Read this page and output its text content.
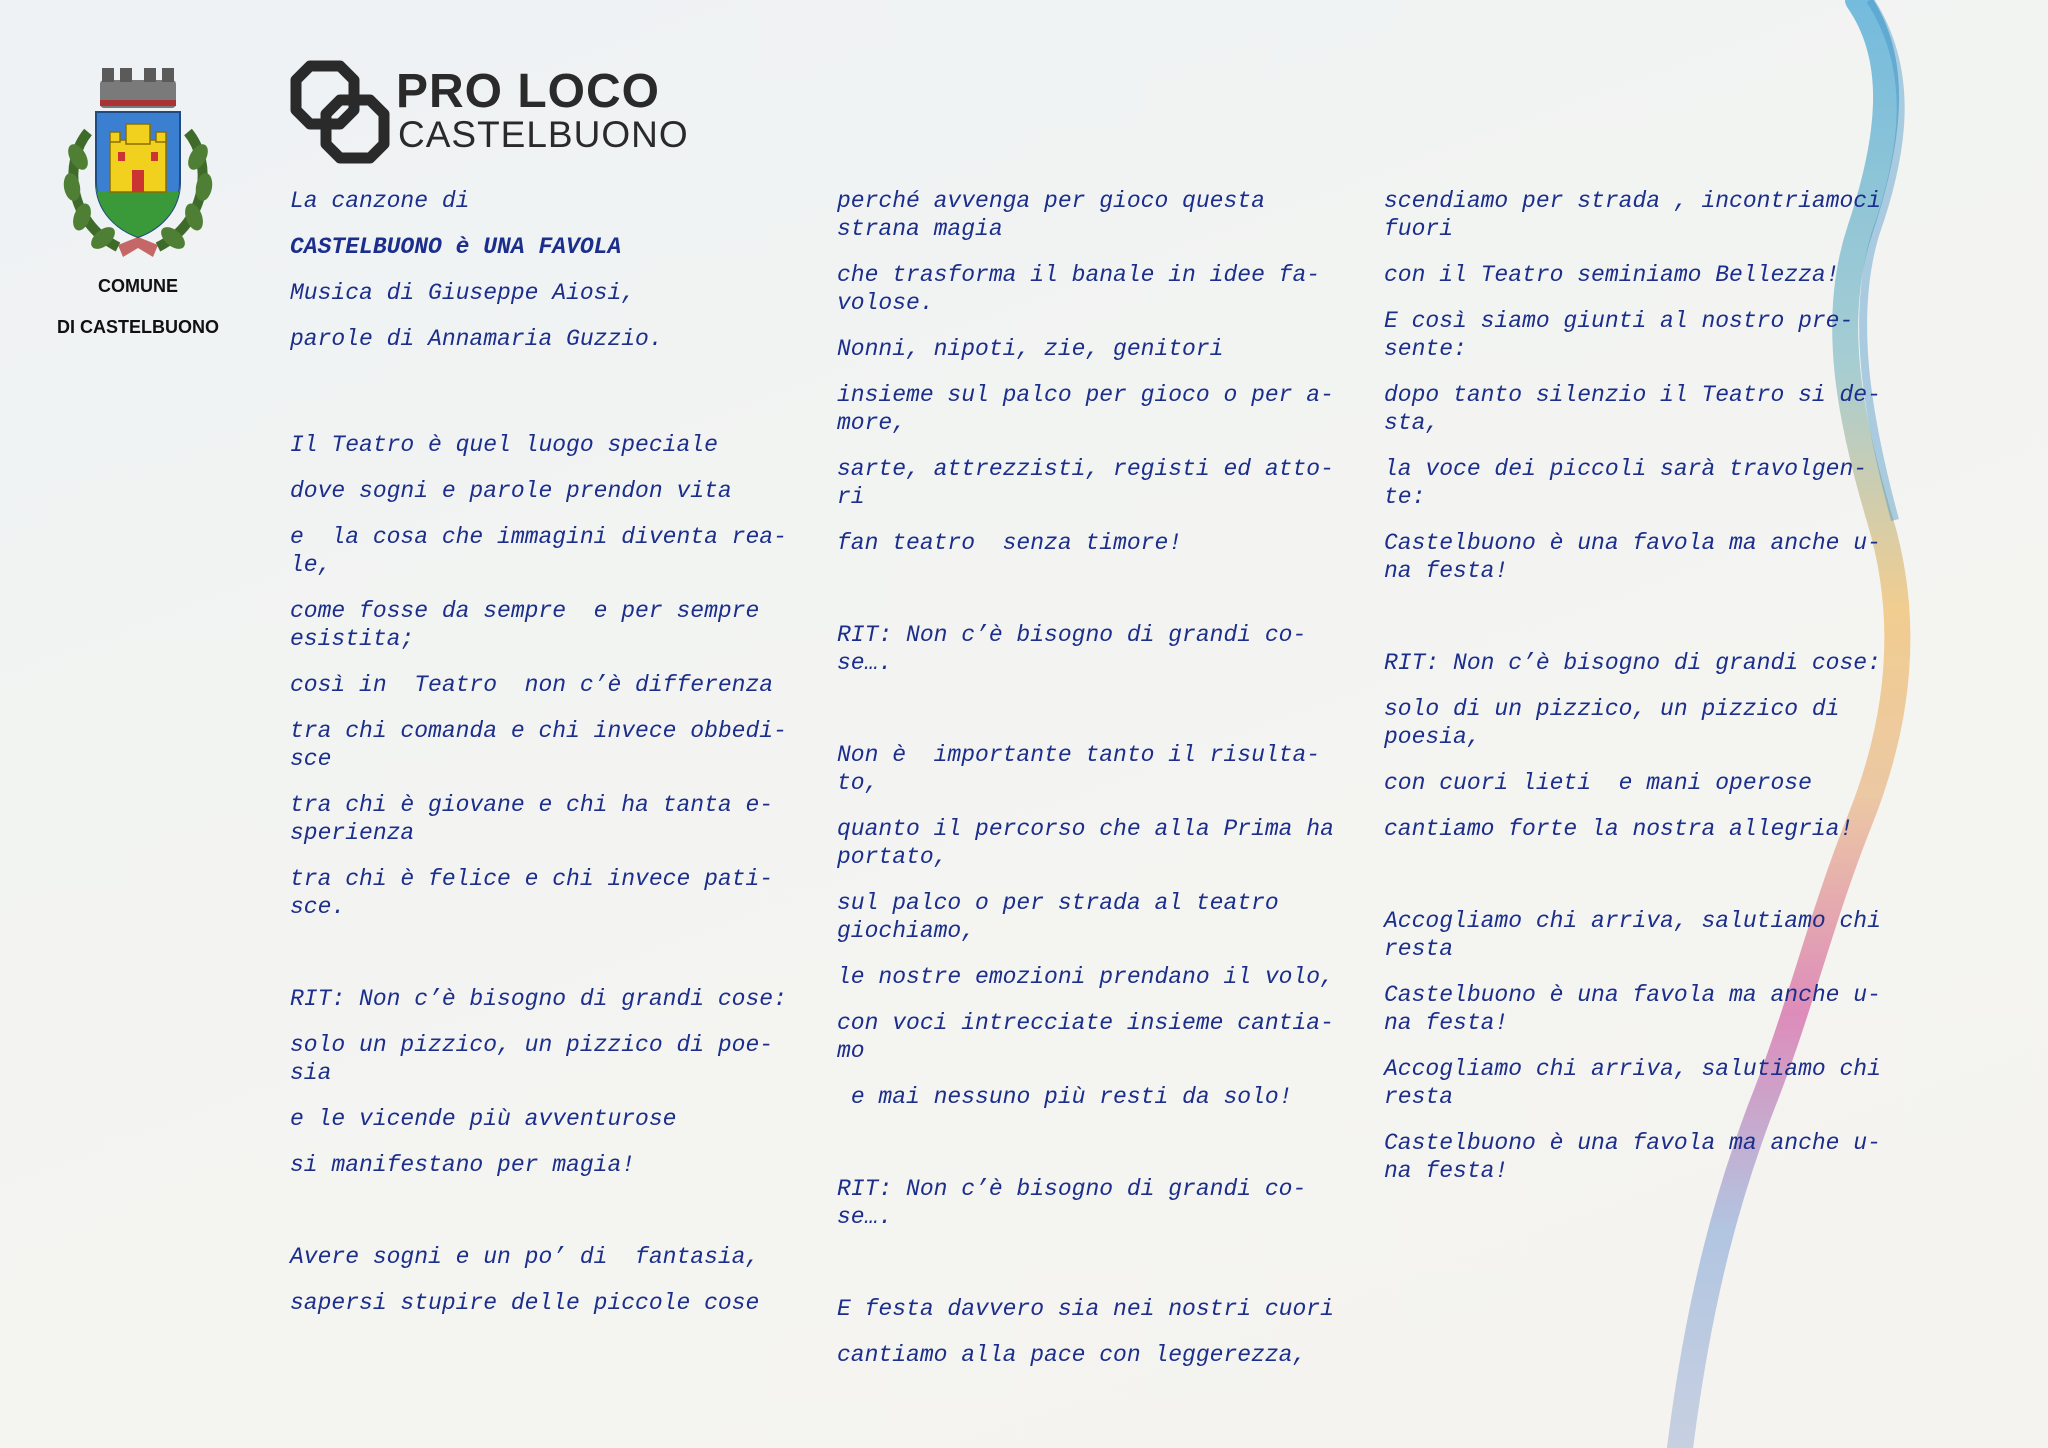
COMUNE
DI CASTELBUONO
PRO LOCO
CASTELBUONO

La canzone di

CASTELBUONO è UNA FAVOLA

Musica di Giuseppe Aiosi,

parole di Annamaria Guzzio.

Il Teatro è quel luogo speciale

dove sogni e parole prendon vita

e  la cosa che immagini diventa rea-
le,

come fosse da sempre  e per sempre
esistita;

così in  Teatro  non c’è differenza

tra chi comanda e chi invece obbedi-
sce

tra chi è giovane e chi ha tanta e-
sperienza

tra chi è felice e chi invece pati-
sce.

RIT: Non c’è bisogno di grandi cose:

solo un pizzico, un pizzico di poe-
sia

e le vicende più avventurose

si manifestano per magia!

Avere sogni e un po’ di  fantasia,

sapersi stupire delle piccole cose

perché avvenga per gioco questa
strana magia

che trasforma il banale in idee fa-
volose.

Nonni, nipoti, zie, genitori

insieme sul palco per gioco o per a-
more,

sarte, attrezzisti, registi ed atto-
ri

fan teatro  senza timore!

RIT: Non c’è bisogno di grandi co-
se….

Non è  importante tanto il risulta-
to,

quanto il percorso che alla Prima ha
portato,

sul palco o per strada al teatro
giochiamo,

le nostre emozioni prendano il volo,

con voci intrecciate insieme cantia-
mo

e mai nessuno più resti da solo!

RIT: Non c’è bisogno di grandi co-
se….

E festa davvero sia nei nostri cuori

cantiamo alla pace con leggerezza,

scendiamo per strada , incontriamoci
fuori

con il Teatro seminiamo Bellezza!

E così siamo giunti al nostro pre-
sente:

dopo tanto silenzio il Teatro si de-
sta,

la voce dei piccoli sarà travolgen-
te:

Castelbuono è una favola ma anche u-
na festa!

RIT: Non c’è bisogno di grandi cose:

solo di un pizzico, un pizzico di
poesia,

con cuori lieti  e mani operose

cantiamo forte la nostra allegria!

Accogliamo chi arriva, salutiamo chi
resta

Castelbuono è una favola ma anche u-
na festa!

Accogliamo chi arriva, salutiamo chi
resta

Castelbuono è una favola ma anche u-
na festa!
